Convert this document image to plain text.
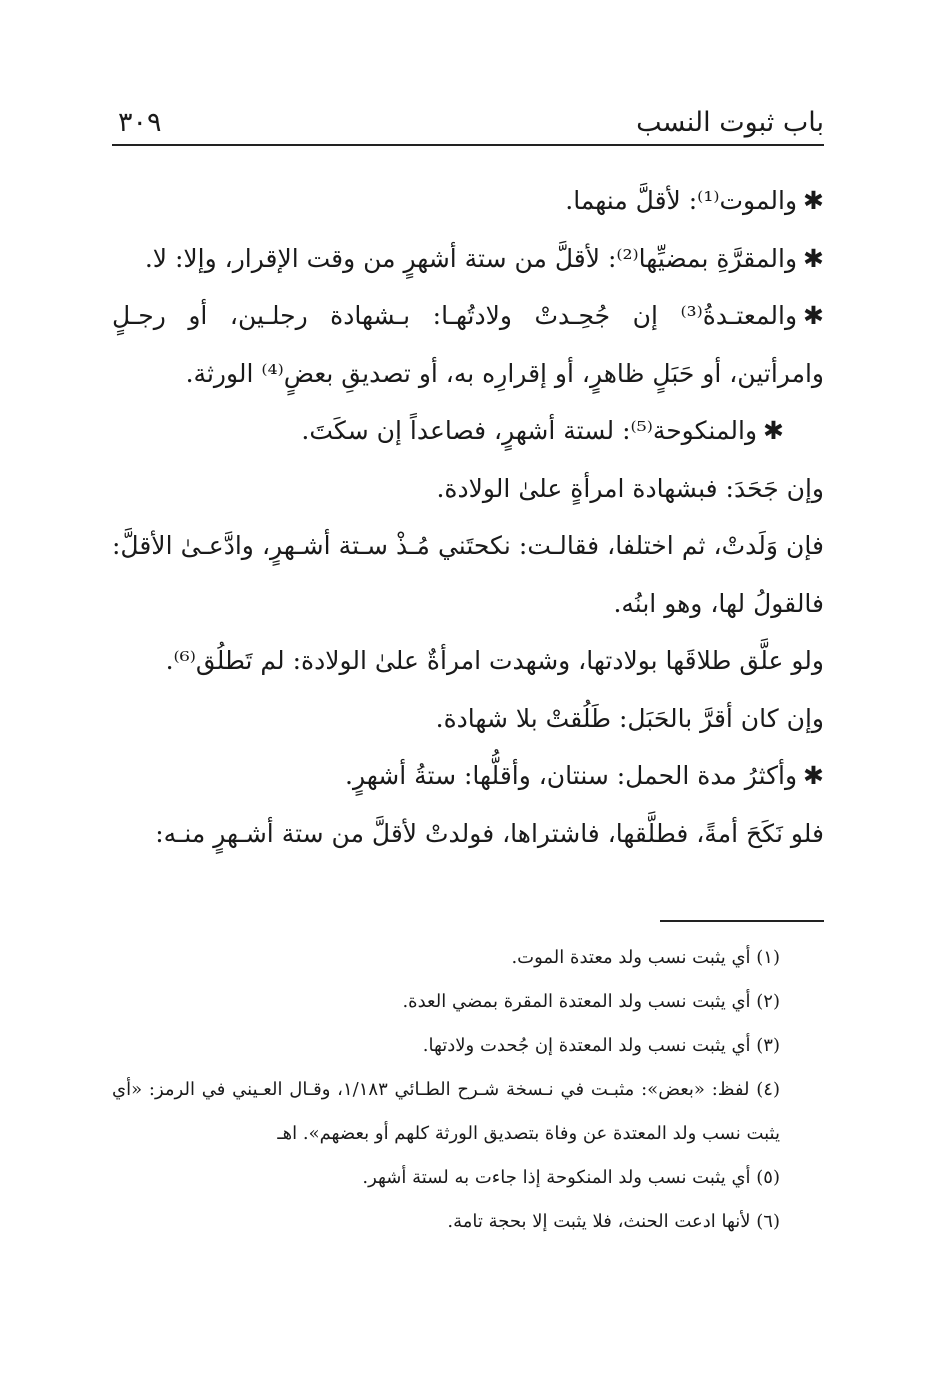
باب ثبوت النسب
٣٠٩

✱والموت⁽¹⁾: لأقلَّ منهما.

✱والمقرَّةِ بمضيِّها⁽²⁾: لأقلَّ من ستة أشهرٍ من وقت الإقرار، وإلا: لا.

✱والمعتـدةُ⁽³⁾ إن جُحِـدتْ ولادتُهـا: بـشهادة رجلـين، أو رجـلٍ وامرأتين، أو حَبَلٍ ظاهرٍ، أو إقرارِه به، أو تصديقِ بعضٍ⁽⁴⁾ الورثة.

✱والمنكوحة⁽⁵⁾: لستة أشهرٍ، فصاعداً إن سكَتَ.

وإن جَحَدَ: فبشهادة امرأةٍ علىٰ الولادة.

فإن وَلَدتْ، ثم اختلفا، فقالـت: نكحتَني مُـذْ سـتة أشـهرٍ، وادَّعـىٰ الأقلَّ: فالقولُ لها، وهو ابنُه.

ولو علَّق طلاقَها بولادتها، وشهدت امرأةٌ علىٰ الولادة: لم تَطلُق⁽⁶⁾.

وإن كان أقرَّ بالحَبَل: طَلُقتْ بلا شهادة.

✱وأكثرُ مدة الحمل: سنتان، وأقلُّها: ستةُ أشهرٍ.

فلو نَكَحَ أمةً، فطلَّقها، فاشتراها، فولدتْ لأقلَّ من ستة أشـهرٍ منـه:

(١) أي يثبت نسب ولد معتدة الموت.

(٢) أي يثبت نسب ولد المعتدة المقرة بمضي العدة.

(٣) أي يثبت نسب ولد المعتدة إن جُحدت ولادتها.

(٤) لفظ: «بعض»: مثبـت في نـسخة شـرح الطـائي ١/١٨٣، وقـال العـيني في الرمز: «أي يثبت نسب ولد المعتدة عن وفاة بتصديق الورثة كلهم أو بعضهم». اهـ

(٥) أي يثبت نسب ولد المنكوحة إذا جاءت به لستة أشهر.

(٦) لأنها ادعت الحنث، فلا يثبت إلا بحجة تامة.
